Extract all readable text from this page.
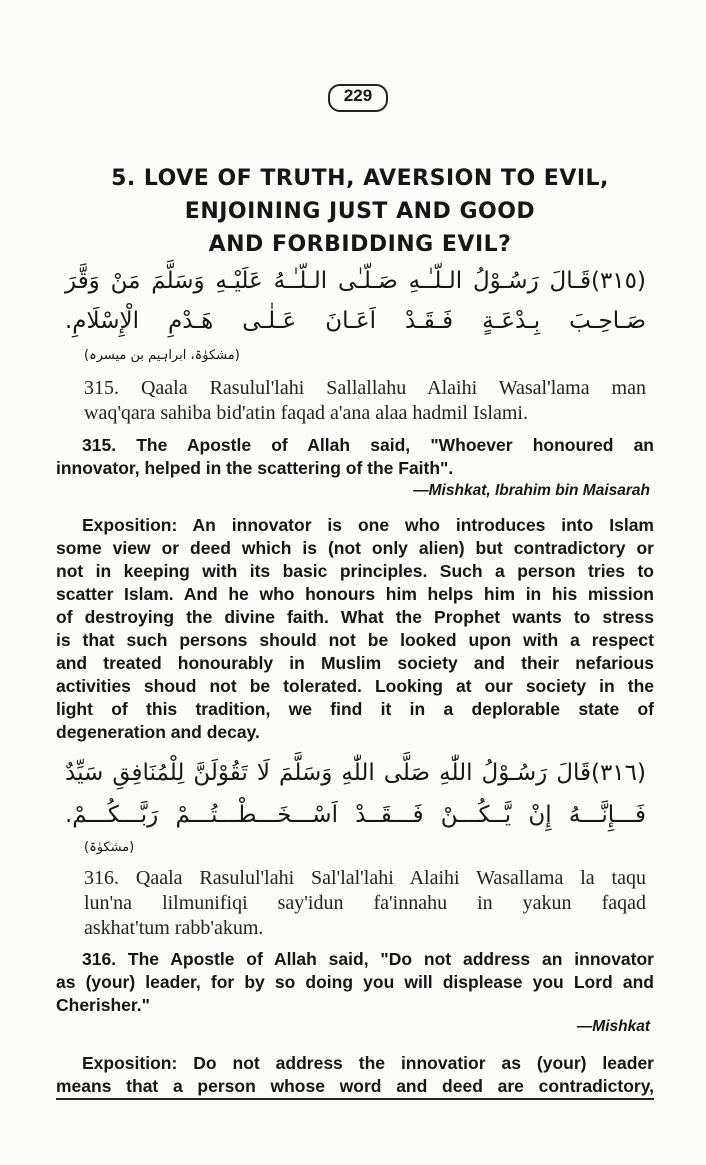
229
5. LOVE OF TRUTH, AVERSION TO EVIL,
ENJOINING JUST AND GOOD
AND FORBIDDING EVIL?
(٣١٥)قَـالَ رَسُـوْلُ الـلّـٰـهِ صَـلّـٰى الـلّـٰـهُ عَلَيْـهِ وَسَلَّمَ مَنْ وَقَّرَ
صَـاحِـبَ بِـدْعَـةٍ فَـقَـدْ اَعَـانَ عَـلٰـى هَـدْمِ الْإِسْلَامِ.
(مشکوٰۃ، ابراہیم بن میسرہ)
315. Qaala Rasulul'lahi Sallallahu Alaihi Wasal'lama man
waq'qara sahiba bid'atin faqad a'ana alaa hadmil Islami.
315. The Apostle of Allah said, "Whoever honoured an
innovator, helped in the scattering of the Faith".
—Mishkat, Ibrahim bin Maisarah
Exposition: An innovator is one who introduces into Islam
some view or deed which is (not only alien) but contradictory or
not in keeping with its basic principles. Such a person tries to
scatter Islam. And he who honours him helps him in his mission
of destroying the divine faith. What the Prophet wants to stress
is that such persons should not be looked upon with a respect
and treated honourably in Muslim society and their nefarious
activities shoud not be tolerated. Looking at our society in the
light of this tradition, we find it in a deplorable state of
degeneration and decay.
(٣١٦)قَالَ رَسُـوْلُ اللّٰهِ صَلَّى اللّٰهِ وَسَلَّمَ لَا تَقُوْلَنَّ لِلْمُنَافِقِ سَيِّدٌ
فَـــإِنَّـــهُ إِنْ يَّــكُـــنْ فَـــقَــدْ اَسْـــخَـــطْـــتُـــمْ رَبَّـــكُـــمْ.
(مشکوٰۃ)
316. Qaala Rasulul'lahi Sal'lal'lahi Alaihi Wasallama la taqu
lun'na lilmunifiqi say'idun fa'innahu in yakun faqad
askhat'tum rabb'akum.
316. The Apostle of Allah said, "Do not address an innovator
as (your) leader, for by so doing you will displease you Lord and
Cherisher."
—Mishkat
Exposition: Do not address the innovatior as (your) leader
means that a person whose word and deed are contradictory,
